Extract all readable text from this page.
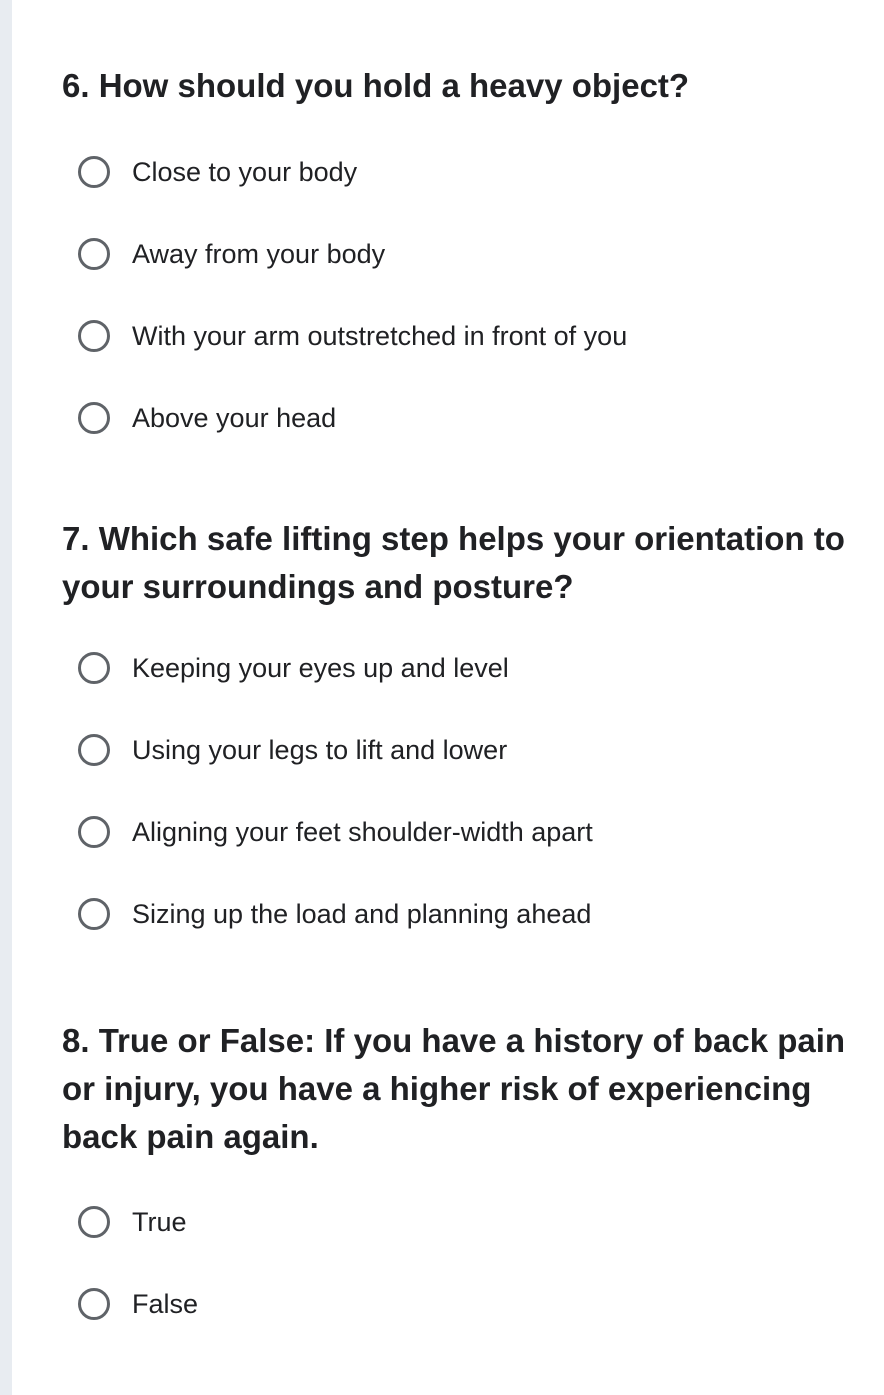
6. How should you hold a heavy object?
Close to your body
Away from your body
With your arm outstretched in front of you
Above your head
7. Which safe lifting step helps your orientation to your surroundings and posture?
Keeping your eyes up and level
Using your legs to lift and lower
Aligning your feet shoulder-width apart
Sizing up the load and planning ahead
8. True or False: If you have a history of back pain or injury, you have a higher risk of experiencing back pain again.
True
False
